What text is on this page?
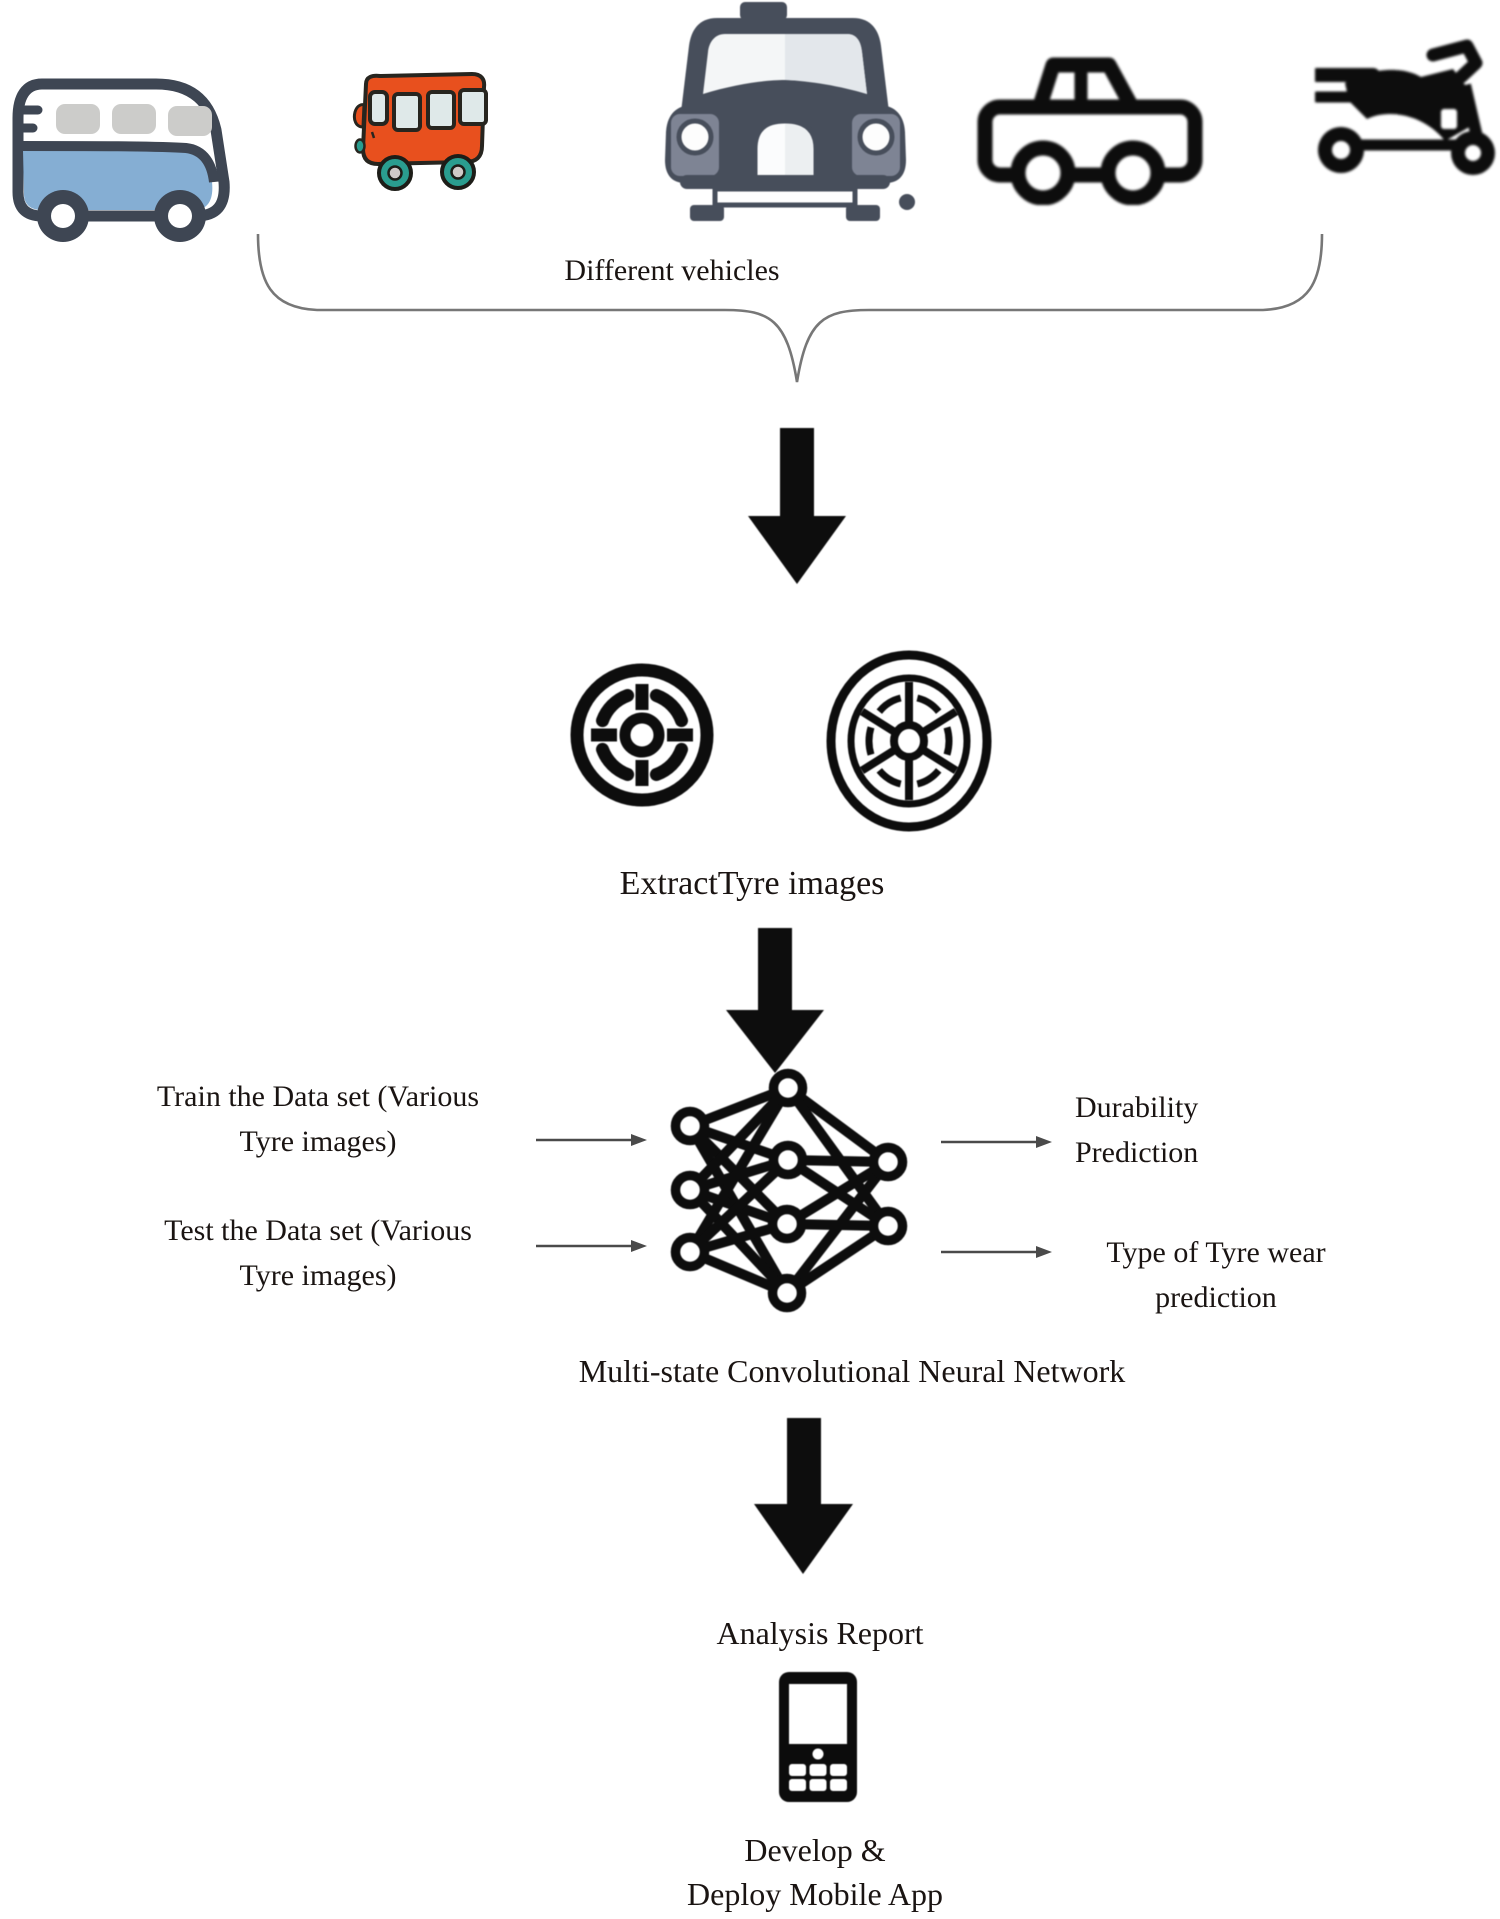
Different vehicles
ExtractTyre images
Train the Data set (Various
Tyre images)
Test the Data set (Various
Tyre images)
Durability
Prediction
Type of Tyre wear
prediction
Multi-state Convolutional Neural Network
Analysis Report
Develop &
Deploy Mobile App
